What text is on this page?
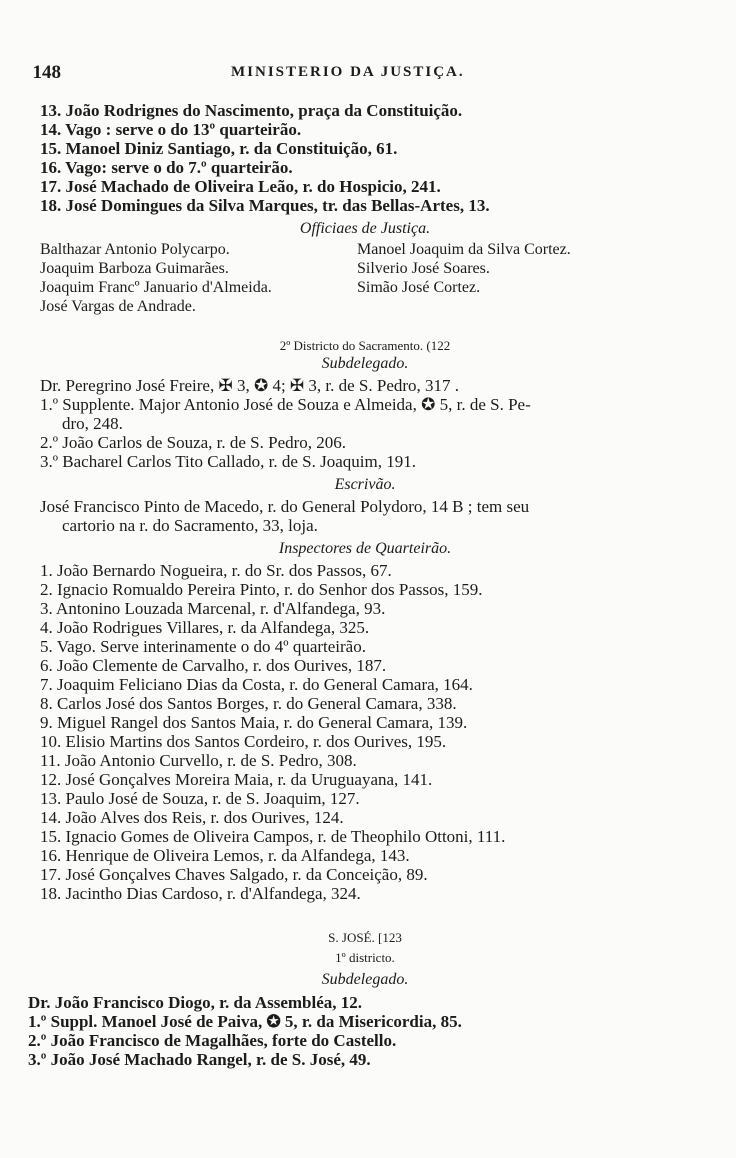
148	MINISTERIO DA JUSTIÇA.
13. João Rodrignes do Nascimento, praça da Constituição.
14. Vago : serve o do 13º quarteirão.
15. Manoel Diniz Santiago, r. da Constituição, 61.
16. Vago: serve o do 7.º quarteirão.
17. José Machado de Oliveira Leão, r. do Hospicio, 241.
18. José Domingues da Silva Marques, tr. das Bellas-Artes, 13.
Officiaes de Justiça.
Balthazar Antonio Polycarpo.
Joaquim Barboza Guimarães.
Joaquim Francº Januario d'Almeida.
José Vargas de Andrade.
Manoel Joaquim da Silva Cortez.
Silverio José Soares.
Simão José Cortez.
2º Districto do Sacramento. (122
Subdelegado.
Dr. Peregrino José Freire, ✠ 3, ✪ 4; ✠ 3, r. de S. Pedro, 317 .
1.º Supplente. Major Antonio José de Souza e Almeida, ✪ 5, r. de S. Pe-
dro, 248.
2.º João Carlos de Souza, r. de S. Pedro, 206.
3.º Bacharel Carlos Tito Callado, r. de S. Joaquim, 191.
Escrivão.
José Francisco Pinto de Macedo, r. do General Polydoro, 14 B ; tem seu
cartorio na r. do Sacramento, 33, loja.
Inspectores de Quarteirão.
1. João Bernardo Nogueira, r. do Sr. dos Passos, 67.
2. Ignacio Romualdo Pereira Pinto, r. do Senhor dos Passos, 159.
3. Antonino Louzada Marcenal, r. d'Alfandega, 93.
4. João Rodrigues Villares, r. da Alfandega, 325.
5. Vago. Serve interinamente o do 4º quarteirão.
6. João Clemente de Carvalho, r. dos Ourives, 187.
7. Joaquim Feliciano Dias da Costa, r. do General Camara, 164.
8. Carlos José dos Santos Borges, r. do General Camara, 338.
9. Miguel Rangel dos Santos Maia, r. do General Camara, 139.
10. Elisio Martins dos Santos Cordeiro, r. dos Ourives, 195.
11. João Antonio Curvello, r. de S. Pedro, 308.
12. José Gonçalves Moreira Maia, r. da Uruguayana, 141.
13. Paulo José de Souza, r. de S. Joaquim, 127.
14. João Alves dos Reis, r. dos Ourives, 124.
15. Ignacio Gomes de Oliveira Campos, r. de Theophilo Ottoni, 111.
16. Henrique de Oliveira Lemos, r. da Alfandega, 143.
17. José Gonçalves Chaves Salgado, r. da Conceição, 89.
18. Jacintho Dias Cardoso, r. d'Alfandega, 324.
S. JOSÉ. [123
1º districto.
Subdelegado.
Dr. João Francisco Diogo, r. da Assembléa, 12.
1.º Suppl. Manoel José de Paiva, ✪ 5, r. da Misericordia, 85.
2.º João Francisco de Magalhães, forte do Castello.
3.º João José Machado Rangel, r. de S. José, 49.
